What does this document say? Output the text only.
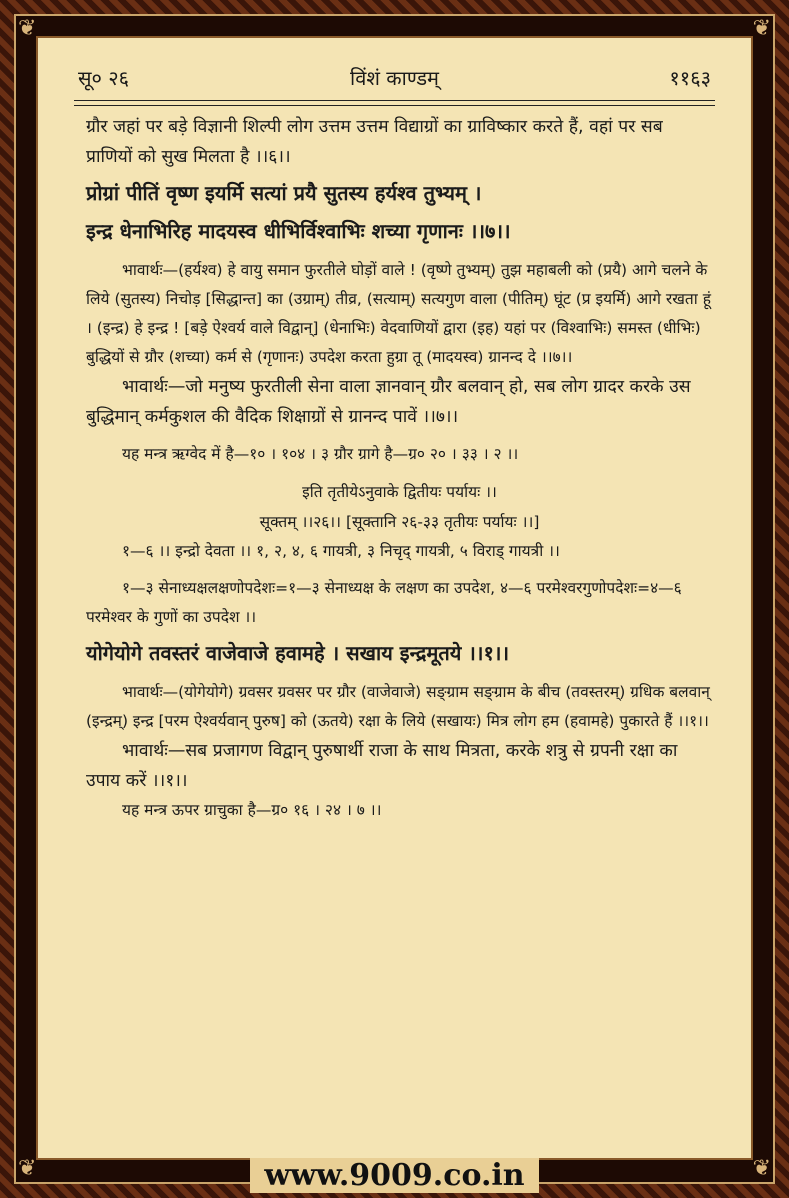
❦	❦
❦	❦
सू० २६	विंशं काण्डम्	११६३

ग्रौर जहां पर बड़े विज्ञानी शिल्पी लोग उत्तम उत्तम विद्याग्रों का ग्राविष्कार करते हैं, वहां पर सब प्राणियों को सुख मिलता है ।।६।।

प्रोग्रां पीतिं वृष्ण इयर्मि सत्यां प्रयै सुतस्य हर्यश्व तुभ्यम् ।

इन्द्र धेनाभिरिह मादयस्व धीभिर्विश्वाभिः शच्या गृणानः ।।७।।

भावार्थः—(हर्यश्व) हे वायु समान फुरतीले घोड़ों वाले ! (वृष्णे तुभ्यम्) तुझ महाबली को (प्रयै) आगे चलने के लिये (सुतस्य) निचोड़ [सिद्धान्त] का (उग्राम्) तीव्र, (सत्याम्) सत्यगुण वाला (पीतिम्) घूंट (प्र इयर्मि) आगे रखता हूं । (इन्द्र) हे इन्द्र ! [बड़े ऐश्वर्य वाले विद्वान्] (धेनाभिः) वेदवाणियों द्वारा (इह) यहां पर (विश्वाभिः) समस्त (धीभिः) बुद्धियों से ग्रौर (शच्या) कर्म से (गृणानः) उपदेश करता हुग्रा तू (मादयस्व) ग्रानन्द दे ।।७।।

भावार्थः—जो मनुष्य फुरतीली सेना वाला ज्ञानवान् ग्रौर बलवान् हो, सब लोग ग्रादर करके उस बुद्धिमान् कर्मकुशल की वैदिक शिक्षाग्रों से ग्रानन्द पावें ।।७।।

यह मन्त्र ऋग्वेद में है—१० । १०४ । ३ ग्रौर ग्रागे है—ग्र० २० । ३३ । २ ।।

इति तृतीयेऽनुवाके द्वितीयः पर्यायः ।।

सूक्तम् ।।२६।। [सूक्तानि २६-३३ तृतीयः पर्यायः ।।]

१—६ ।। इन्द्रो देवता ।। १, २, ४, ६ गायत्री, ३ निचृद् गायत्री, ५ विराड् गायत्री ।।

१—३ सेनाध्यक्षलक्षणोपदेशः=१—३ सेनाध्यक्ष के लक्षण का उपदेश, ४—६ परमेश्वरगुणोपदेशः=४—६ परमेश्वर के गुणों का उपदेश ।।

योगेयोगे तवस्तरं वाजेवाजे हवामहे । सखाय इन्द्रमूतये ।।१।।

भावार्थः—(योगेयोगे) ग्रवसर ग्रवसर पर ग्रौर (वाजेवाजे) सङ्ग्राम सङ्ग्राम के बीच (तवस्तरम्) ग्रधिक बलवान् (इन्द्रम्) इन्द्र [परम ऐश्वर्यवान् पुरुष] को (ऊतये) रक्षा के लिये (सखायः) मित्र लोग हम (हवामहे) पुकारते हैं ।।१।।

भावार्थः—सब प्रजागण विद्वान् पुरुषार्थी राजा के साथ मित्रता, करके शत्रु से ग्रपनी रक्षा का उपाय करें ।।१।।

यह मन्त्र ऊपर ग्राचुका है—ग्र० १६ । २४ । ७ ।।

www.9009.co.in
